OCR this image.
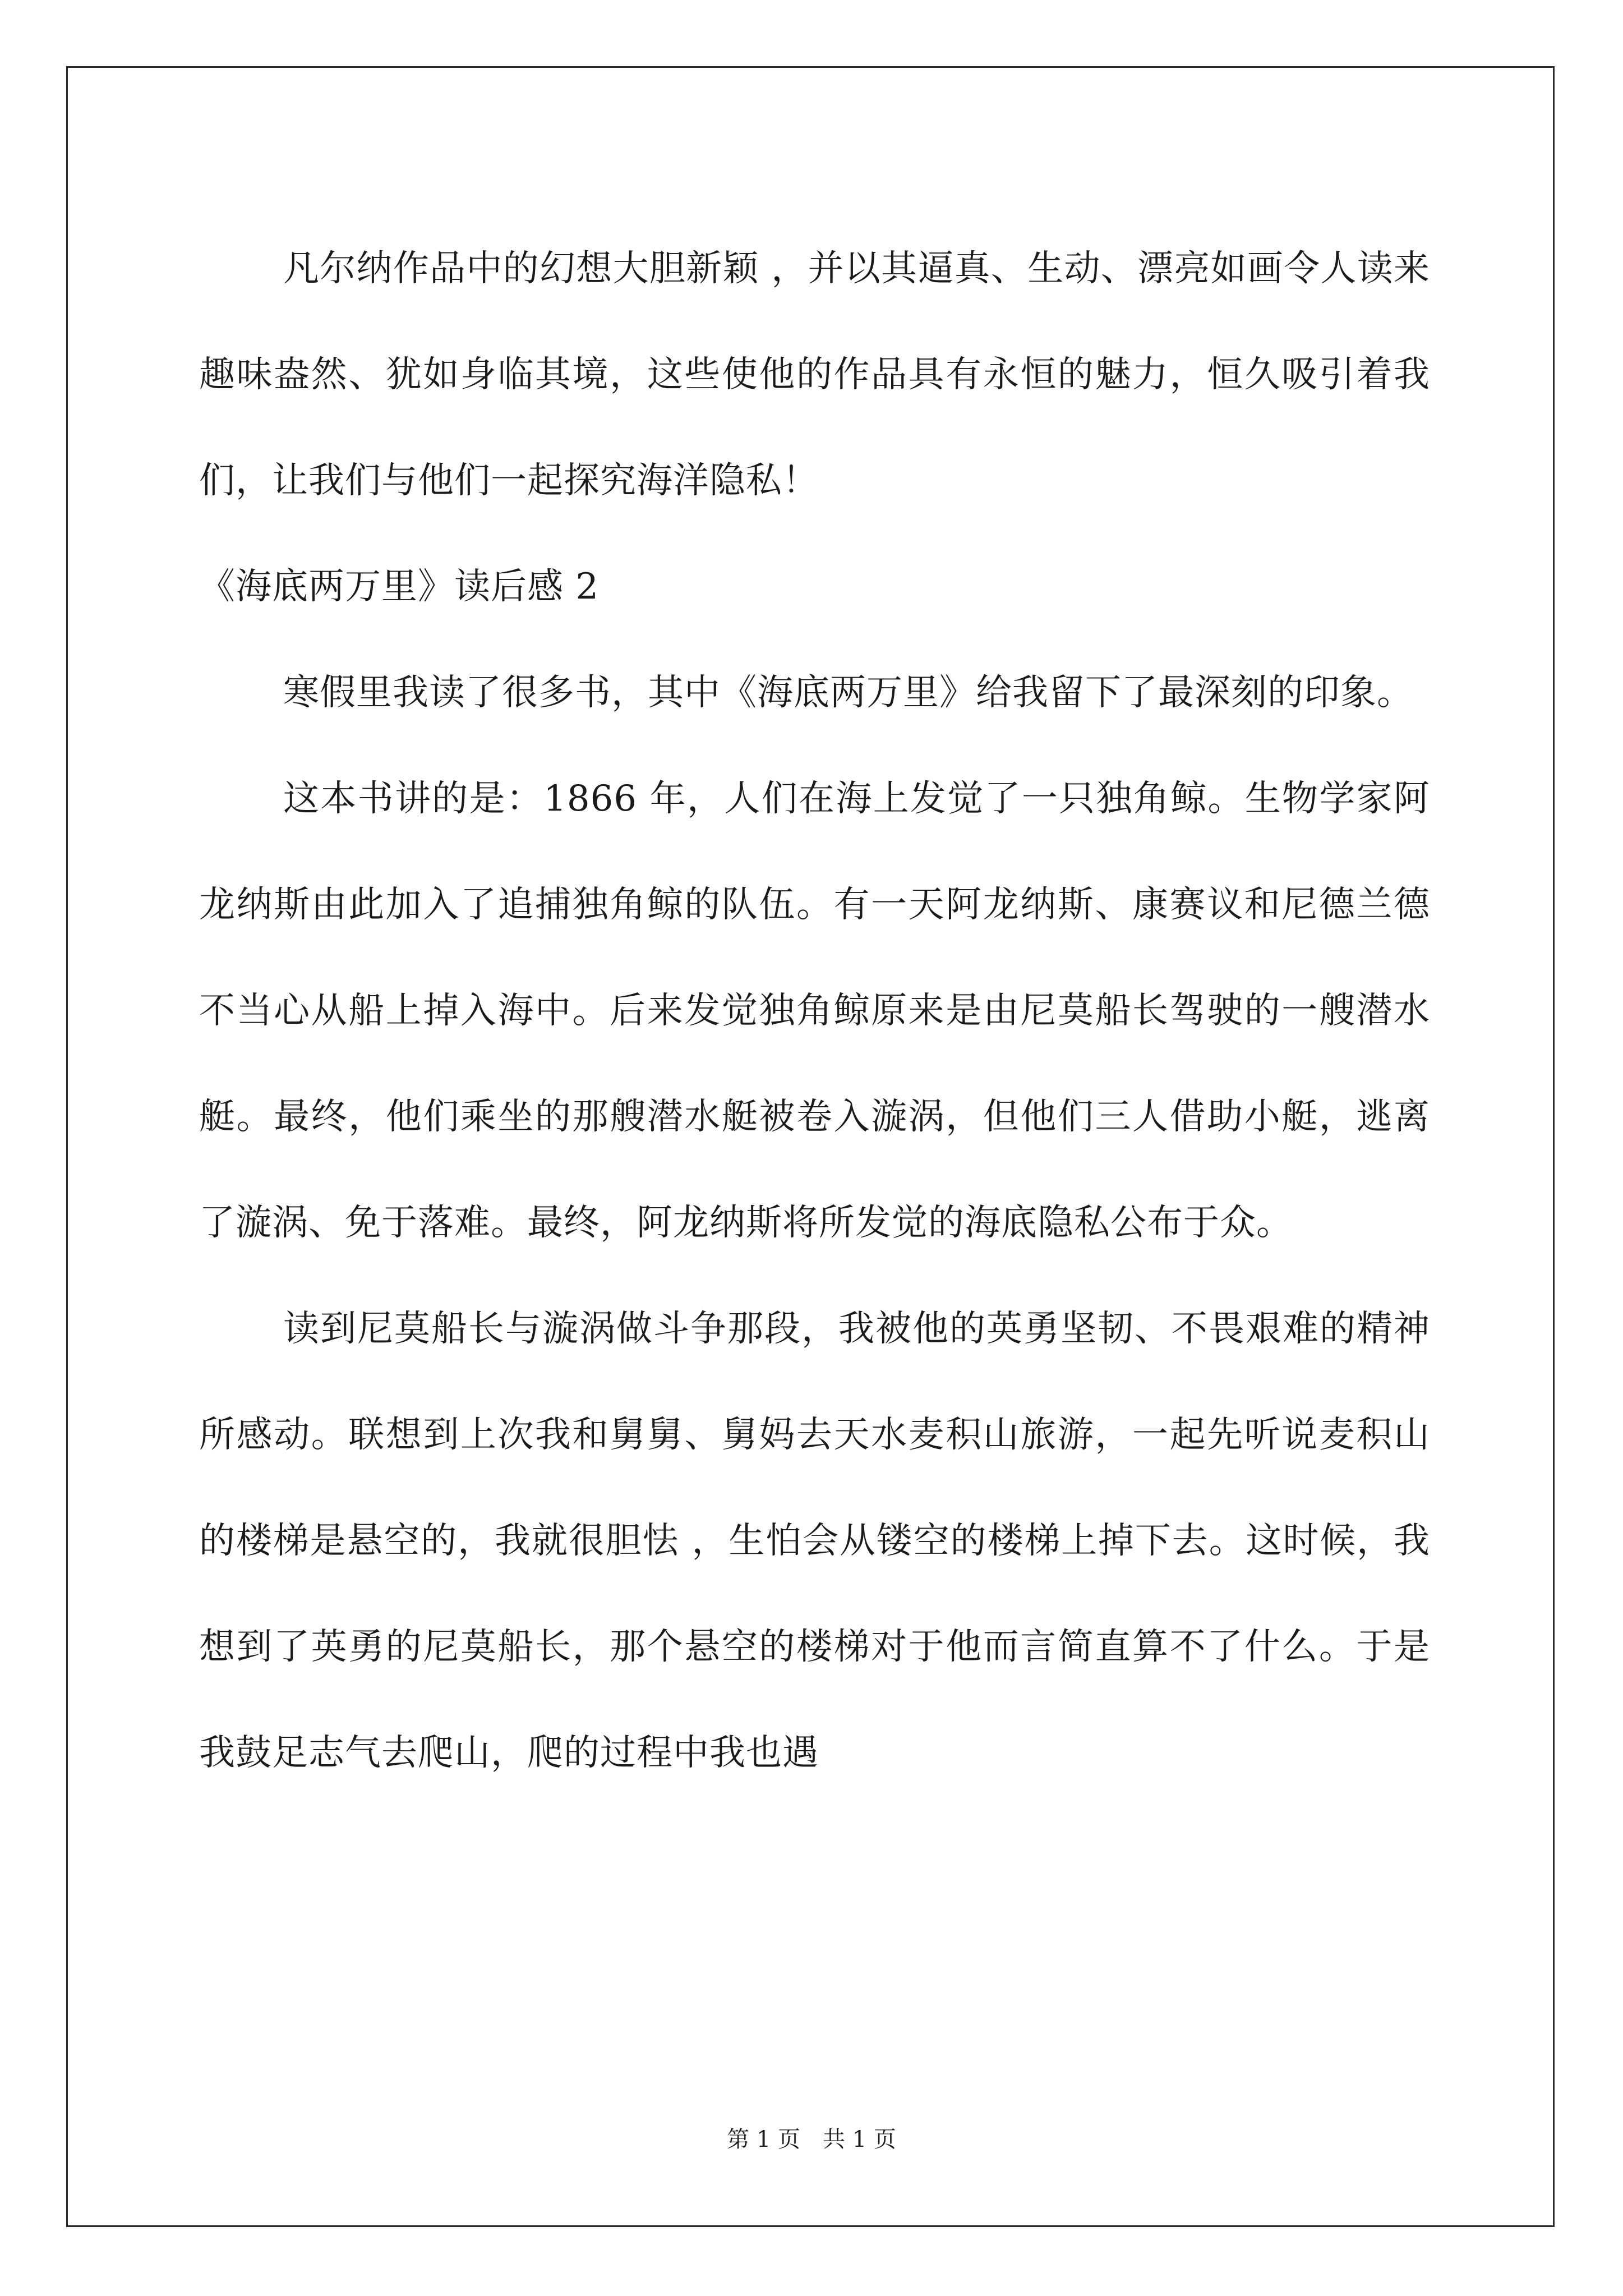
凡尔纳作品中的幻想大胆新颖 ，并以其逼真、生动、漂亮如画令人读来趣味盎然、犹如身临其境，这些使他的作品具有永恒的魅力，恒久吸引着我们，让我们与他们一起探究海洋隐私！

《海底两万里》读后感 2

寒假里我读了很多书，其中《海底两万里》给我留下了最深刻的印象。

这本书讲的是：1866 年，人们在海上发觉了一只独角鲸。生物学家阿龙纳斯由此加入了追捕独角鲸的队伍。有一天阿龙纳斯、康赛议和尼德兰德不当心从船上掉入海中。后来发觉独角鲸原来是由尼莫船长驾驶的一艘潜水艇。最终，他们乘坐的那艘潜水艇被卷入漩涡，但他们三人借助小艇，逃离了漩涡、免于落难。最终，阿龙纳斯将所发觉的海底隐私公布于众。

读到尼莫船长与漩涡做斗争那段，我被他的英勇坚韧、不畏艰难的精神所感动。联想到上次我和舅舅、舅妈去天水麦积山旅游，一起先听说麦积山的楼梯是悬空的，我就很胆怯 ，生怕会从镂空的楼梯上掉下去。这时候，我想到了英勇的尼莫船长，那个悬空的楼梯对于他而言简直算不了什么。于是我鼓足志气去爬山，爬的过程中我也遇

第 1 页　共 1 页
